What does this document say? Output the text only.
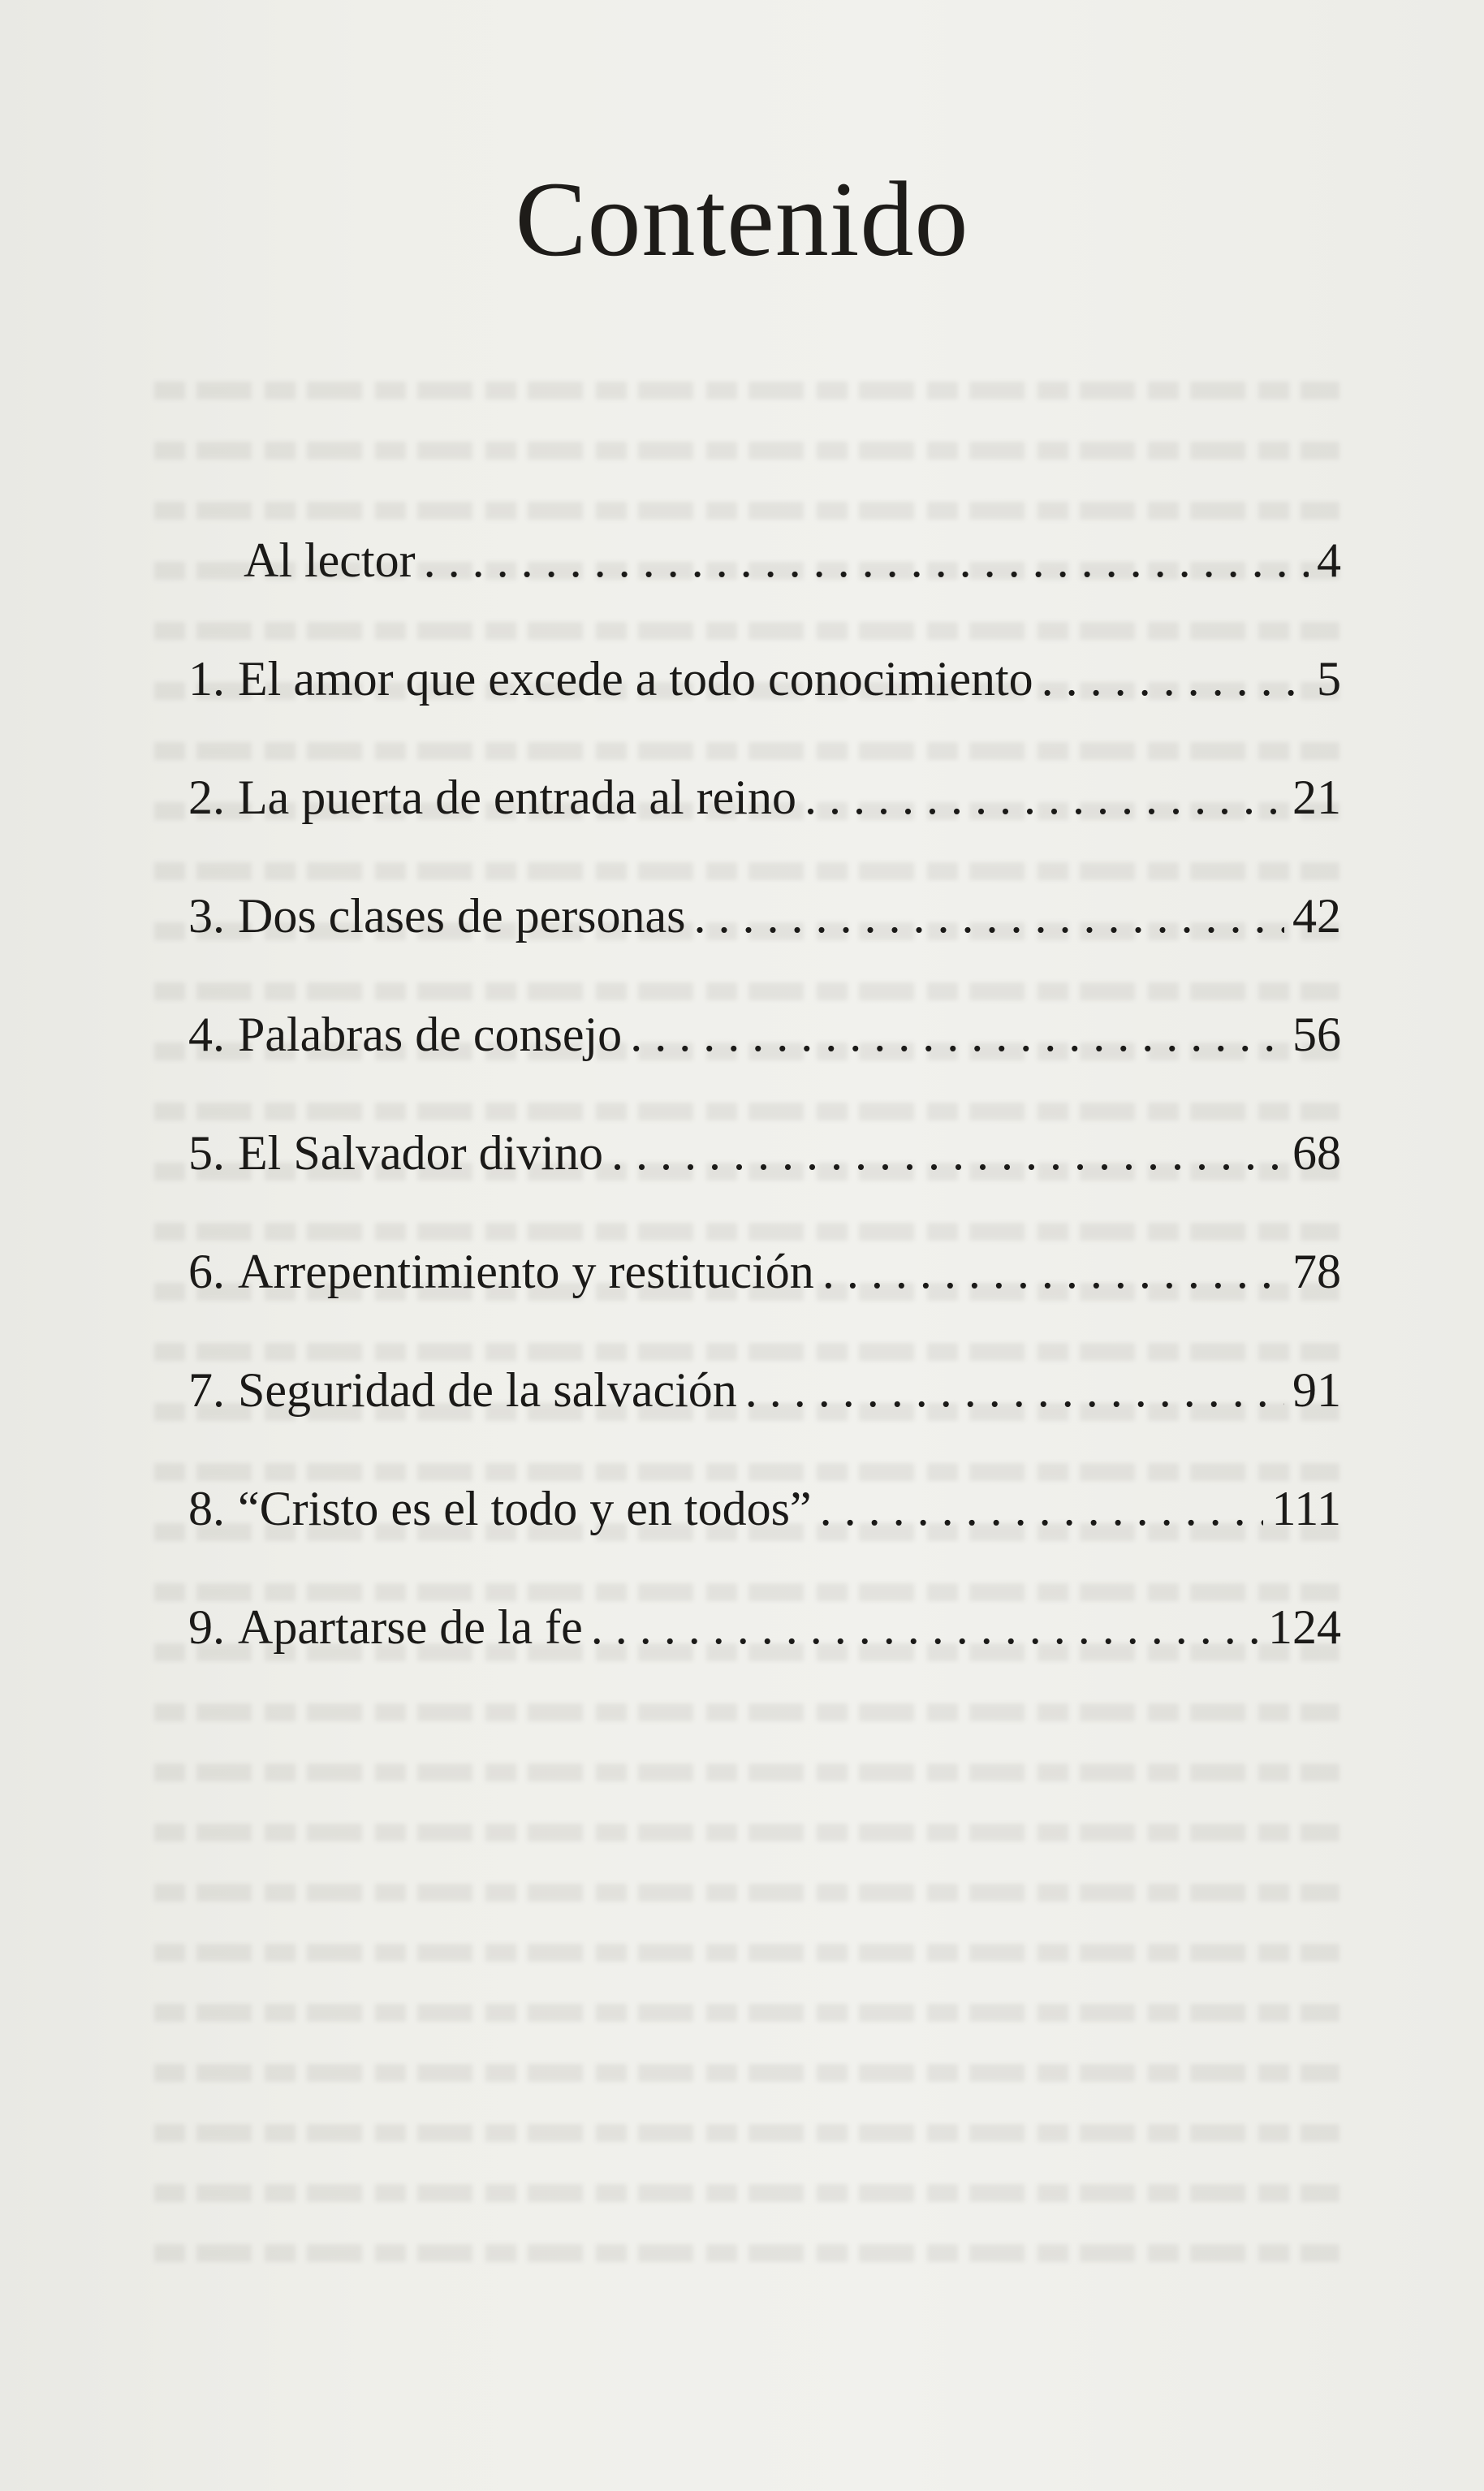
Contenido
Al lector . . .	4
1. El amor que excede a todo conocimiento . . .	5
2. La puerta de entrada al reino . . .	21
3. Dos clases de personas . . .	42
4. Palabras de consejo . . .	56
5. El Salvador divino . . .	68
6. Arrepentimiento y restitución . . .	78
7. Seguridad de la salvación . . .	91
8. “Cristo es el todo y en todos” . . .	111
9. Apartarse de la fe . . .	124
